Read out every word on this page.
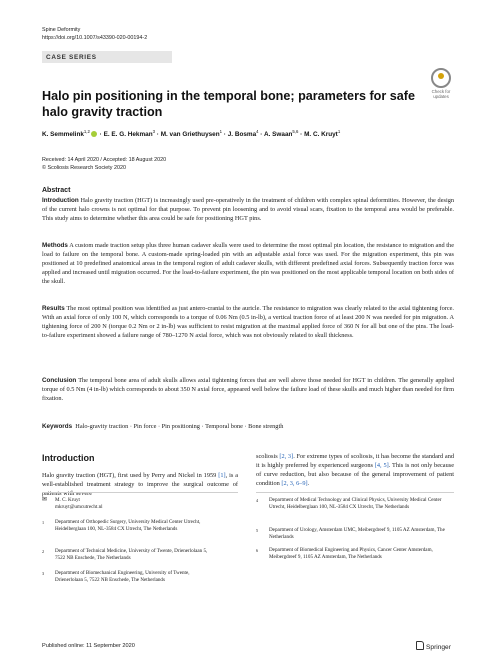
Spine Deformity
https://doi.org/10.1007/s43390-020-00194-2
CASE SERIES
Check for updates
Halo pin positioning in the temporal bone; parameters for safe halo gravity traction
K. Semmelink$^{1,2}$ · E. E. G. Hekman$^3$ · M. van Griethuysen$^1$ · J. Bosma$^4$ · A. Swaan$^{5,6}$ · M. C. Kruyt$^1$
Received: 14 April 2020 / Accepted: 18 August 2020
© Scoliosis Research Society 2020
Abstract
Introduction Halo gravity traction (HGT) is increasingly used pre-operatively in the treatment of children with complex spinal deformities. However, the design of the current halo crowns is not optimal for that purpose. To prevent pin loosening and to avoid visual scars, fixation to the temporal area would be preferable. This study aims to determine whether this area could be safe for positioning HGT pins.
Methods A custom made traction setup plus three human cadaver skulls were used to determine the most optimal pin location, the resistance to migration and the load to failure on the temporal bone. A custom-made spring-loaded pin with an adjustable axial force was used. For the migration experiment, this pin was positioned at 10 predefined anatomical areas in the temporal region of adult cadaver skulls, with different predefined axial forces. Subsequently traction force was applied and increased until migration occurred. For the load-to-failure experiment, the pin was positioned on the most applicable temporal location on both sides of the skull.
Results The most optimal position was identified as just antero-cranial to the auricle. The resistance to migration was clearly related to the axial tightening force. With an axial force of only 100 N, which corresponds to a torque of 0.06 Nm (0.5 in-lb), a vertical traction force of at least 200 N was needed for pin migration. A tightening force of 200 N (torque 0.2 Nm or 2 in-lb) was sufficient to resist migration at the maximal applied force of 360 N for all but one of the pins. The load-to-failure experiment showed a failure range of 780–1270 N axial force, which was not obviously related to skull thickness.
Conclusion The temporal bone area of adult skulls allows axial tightening forces that are well above those needed for HGT in children. The generally applied torque of 0.5 Nm (4 in-lb) which corresponds to about 350 N axial force, appeared well below the failure load of these skulls and much higher than needed for firm fixation.
Keywords Halo-gravity traction · Pin force · Pin positioning · Temporal bone · Bone strength
Introduction
Halo gravity traction (HGT), first used by Perry and Nickel in 1959 [1], is a well-established treatment strategy to improve the surgical outcome of patients with severe
scoliosis [2, 3]. For extreme types of scoliosis, it has become the standard and it is highly preferred by experienced surgeons [4, 5]. This is not only because of curve reduction, but also because of the general improvement of patient condition [2, 3, 6–9].
✉ M. C. Kruyt
mkruyt@umcutrecht.nl
1 Department of Orthopedic Surgery, University Medical Center Utrecht, Heidelberglaan 100, NL-3584 CX Utrecht, The Netherlands
2 Department of Technical Medicine, University of Twente, Drienerlolaan 5, 7522 NB Enschede, The Netherlands
3 Department of Biomechanical Engineering, University of Twente, Drienerlolaan 5, 7522 NB Enschede, The Netherlands
4 Department of Medical Technology and Clinical Physics, University Medical Center Utrecht, Heidelberglaan 100, NL-3584 CX Utrecht, The Netherlands
5 Department of Urology, Amsterdam UMC, Meibergdreef 9, 1105 AZ Amsterdam, The Netherlands
6 Department of Biomedical Engineering and Physics, Cancer Center Amsterdam, Meibergdreef 9, 1105 AZ Amsterdam, The Netherlands
Published online: 11 September 2020	Springer
